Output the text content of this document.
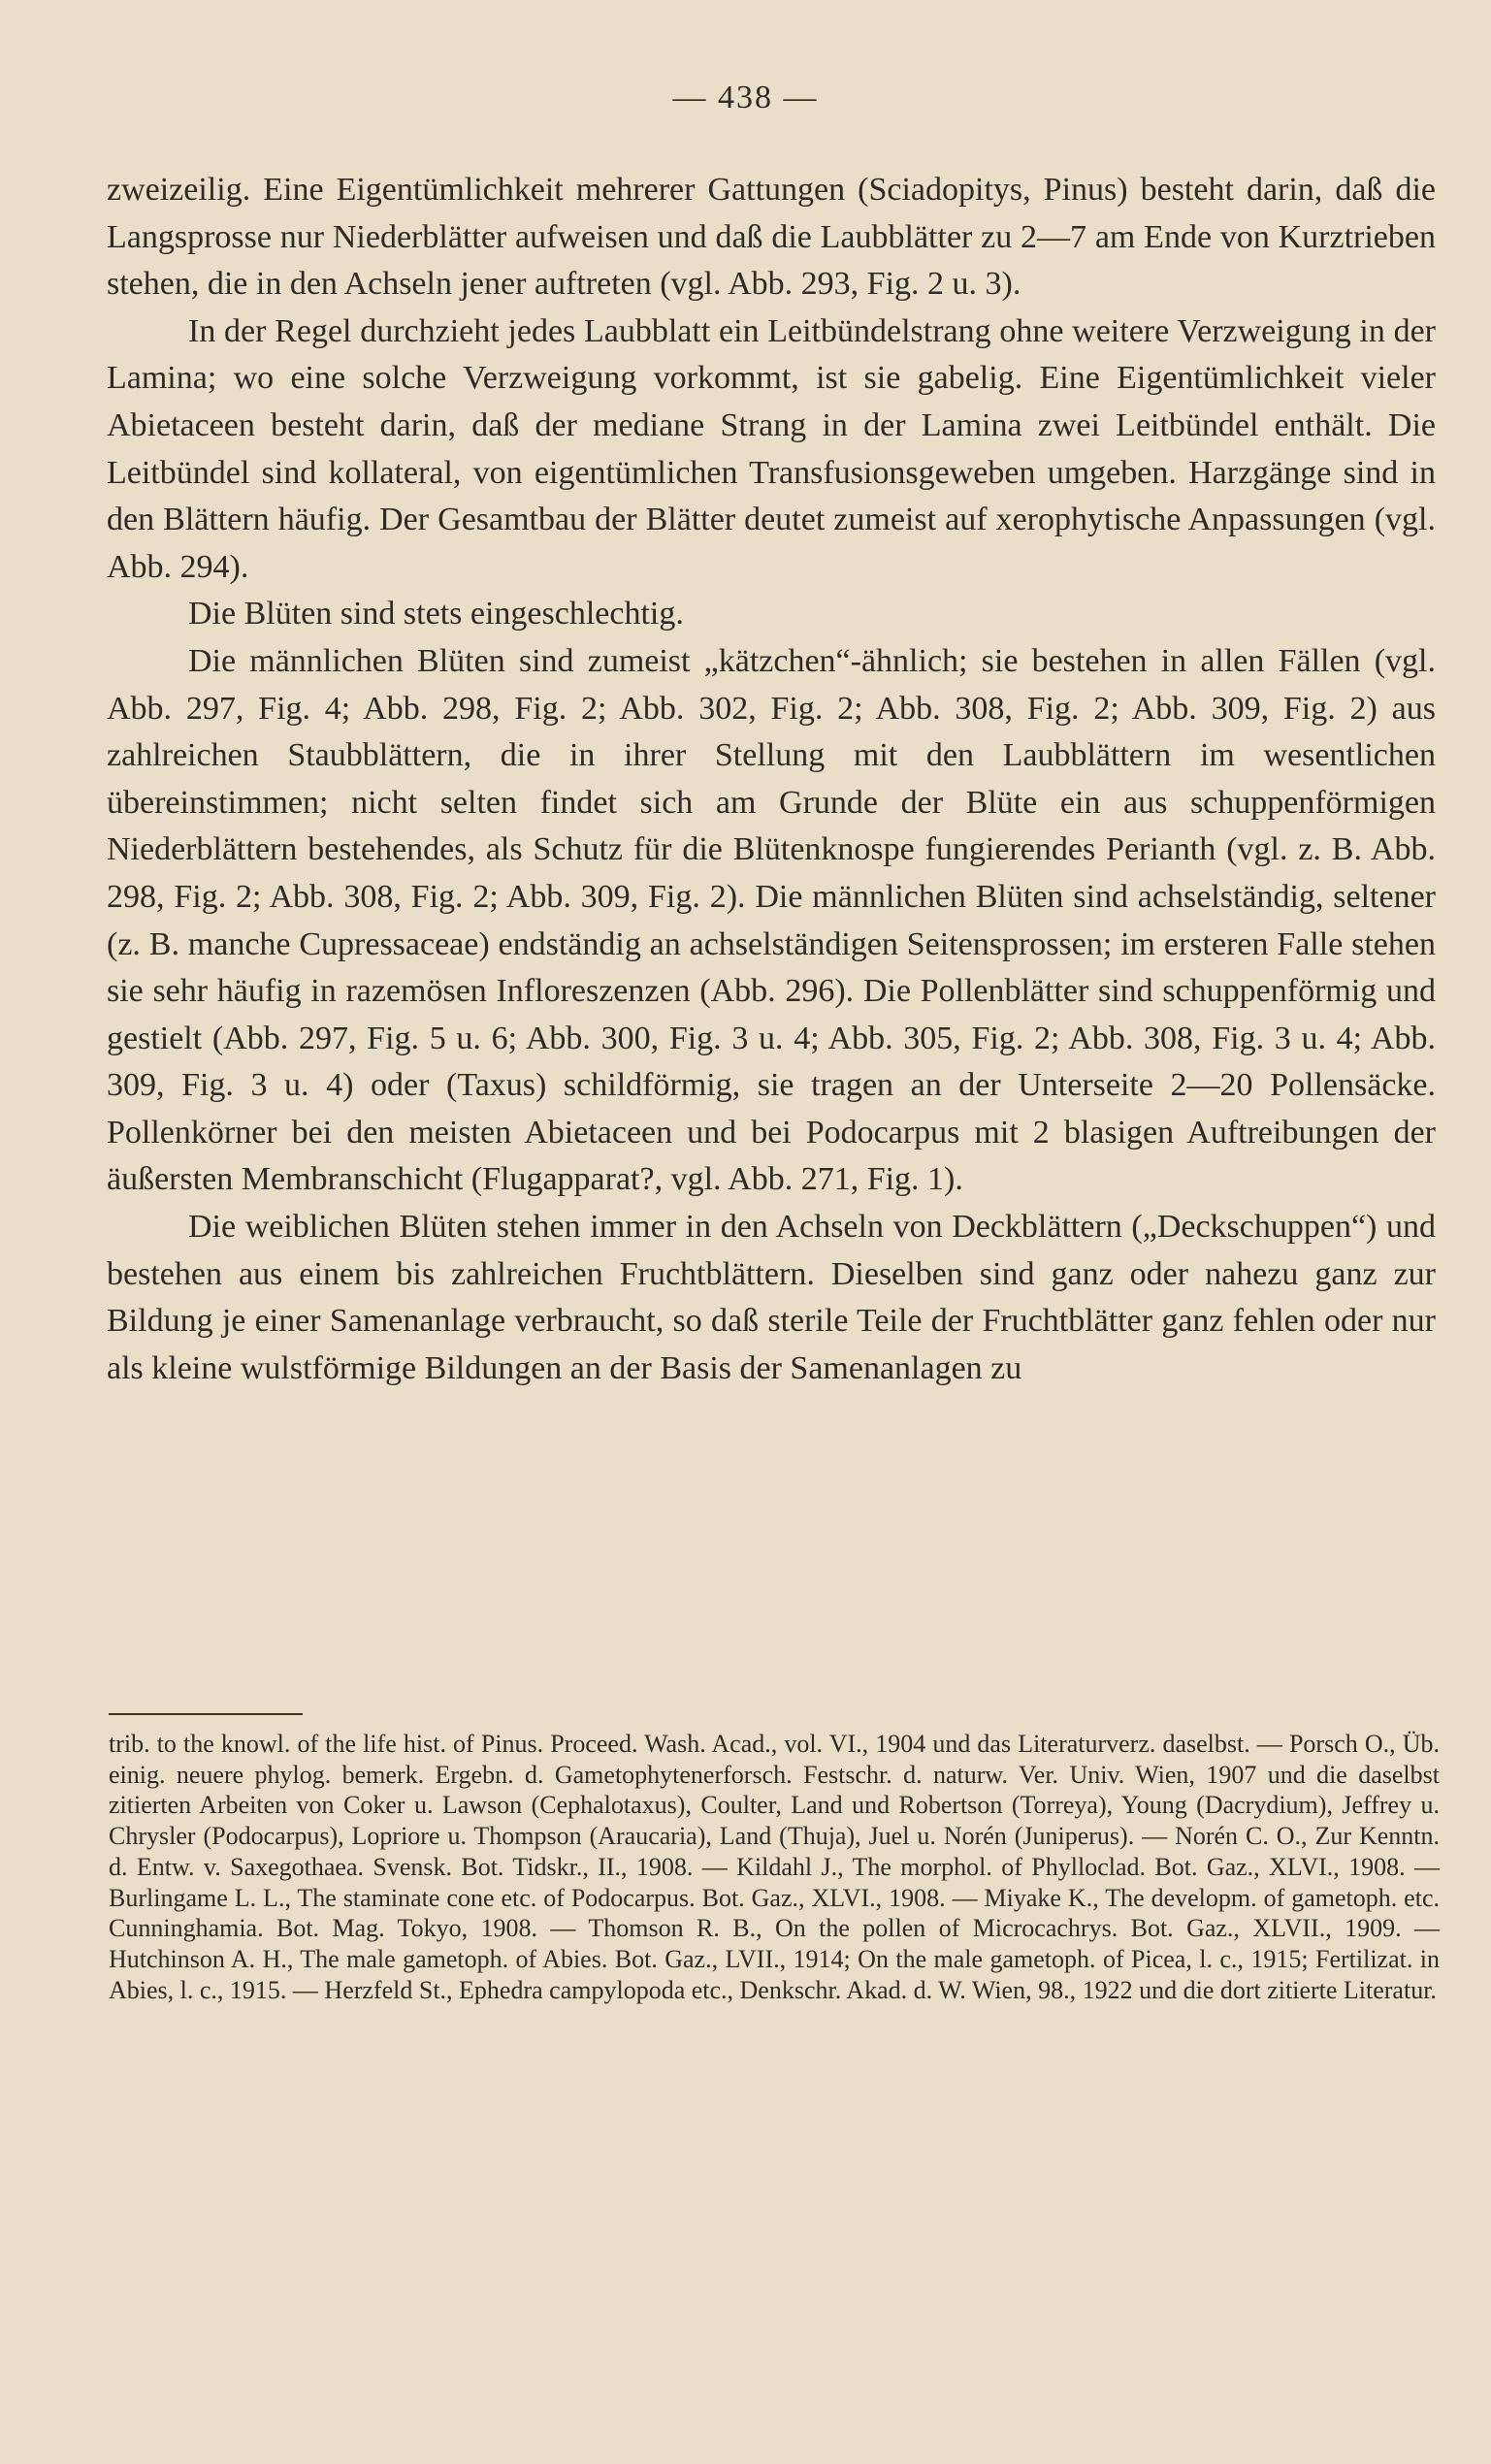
— 438 —

zweizeilig. Eine Eigentümlichkeit mehrerer Gattungen (Sciadopitys, Pinus) besteht darin, daß die Langsprosse nur Niederblätter aufweisen und daß die Laubblätter zu 2—7 am Ende von Kurztrieben stehen, die in den Achseln jener auftreten (vgl. Abb. 293, Fig. 2 u. 3).

In der Regel durchzieht jedes Laubblatt ein Leitbündelstrang ohne weitere Verzweigung in der Lamina; wo eine solche Verzweigung vorkommt, ist sie gabelig. Eine Eigentümlichkeit vieler Abietaceen besteht darin, daß der mediane Strang in der Lamina zwei Leitbündel enthält. Die Leitbündel sind kollateral, von eigentümlichen Transfusionsgeweben umgeben. Harzgänge sind in den Blättern häufig. Der Gesamtbau der Blätter deutet zumeist auf xerophytische Anpassungen (vgl. Abb. 294).

Die Blüten sind stets eingeschlechtig.

Die männlichen Blüten sind zumeist „kätzchen“-ähnlich; sie bestehen in allen Fällen (vgl. Abb. 297, Fig. 4; Abb. 298, Fig. 2; Abb. 302, Fig. 2; Abb. 308, Fig. 2; Abb. 309, Fig. 2) aus zahlreichen Staubblättern, die in ihrer Stellung mit den Laubblättern im wesentlichen übereinstimmen; nicht selten findet sich am Grunde der Blüte ein aus schuppenförmigen Niederblättern bestehendes, als Schutz für die Blütenknospe fungierendes Perianth (vgl. z. B. Abb. 298, Fig. 2; Abb. 308, Fig. 2; Abb. 309, Fig. 2). Die männlichen Blüten sind achselständig, seltener (z. B. manche Cupressaceae) endständig an achselständigen Seitensprossen; im ersteren Falle stehen sie sehr häufig in razemösen Infloreszenzen (Abb. 296). Die Pollenblätter sind schuppenförmig und gestielt (Abb. 297, Fig. 5 u. 6; Abb. 300, Fig. 3 u. 4; Abb. 305, Fig. 2; Abb. 308, Fig. 3 u. 4; Abb. 309, Fig. 3 u. 4) oder (Taxus) schildförmig, sie tragen an der Unterseite 2—20 Pollensäcke. Pollenkörner bei den meisten Abietaceen und bei Podocarpus mit 2 blasigen Auftreibungen der äußersten Membranschicht (Flugapparat?, vgl. Abb. 271, Fig. 1).

Die weiblichen Blüten stehen immer in den Achseln von Deckblättern („Deckschuppen“) und bestehen aus einem bis zahlreichen Fruchtblättern. Dieselben sind ganz oder nahezu ganz zur Bildung je einer Samenanlage verbraucht, so daß sterile Teile der Fruchtblätter ganz fehlen oder nur als kleine wulstförmige Bildungen an der Basis der Samenanlagen zu

trib. to the knowl. of the life hist. of Pinus. Proceed. Wash. Acad., vol. VI., 1904 und das Literaturverz. daselbst. — Porsch O., Üb. einig. neuere phylog. bemerk. Ergebn. d. Gametophytenerforsch. Festschr. d. naturw. Ver. Univ. Wien, 1907 und die daselbst zitierten Arbeiten von Coker u. Lawson (Cephalotaxus), Coulter, Land und Robertson (Torreya), Young (Dacrydium), Jeffrey u. Chrysler (Podocarpus), Lopriore u. Thompson (Araucaria), Land (Thuja), Juel u. Norén (Juniperus). — Norén C. O., Zur Kenntn. d. Entw. v. Saxegothaea. Svensk. Bot. Tidskr., II., 1908. — Kildahl J., The morphol. of Phylloclad. Bot. Gaz., XLVI., 1908. — Burlingame L. L., The staminate cone etc. of Podocarpus. Bot. Gaz., XLVI., 1908. — Miyake K., The developm. of gametoph. etc. Cunninghamia. Bot. Mag. Tokyo, 1908. — Thomson R. B., On the pollen of Microcachrys. Bot. Gaz., XLVII., 1909. — Hutchinson A. H., The male gametoph. of Abies. Bot. Gaz., LVII., 1914; On the male gametoph. of Picea, l. c., 1915; Fertilizat. in Abies, l. c., 1915. — Herzfeld St., Ephedra campylopoda etc., Denkschr. Akad. d. W. Wien, 98., 1922 und die dort zitierte Literatur.
